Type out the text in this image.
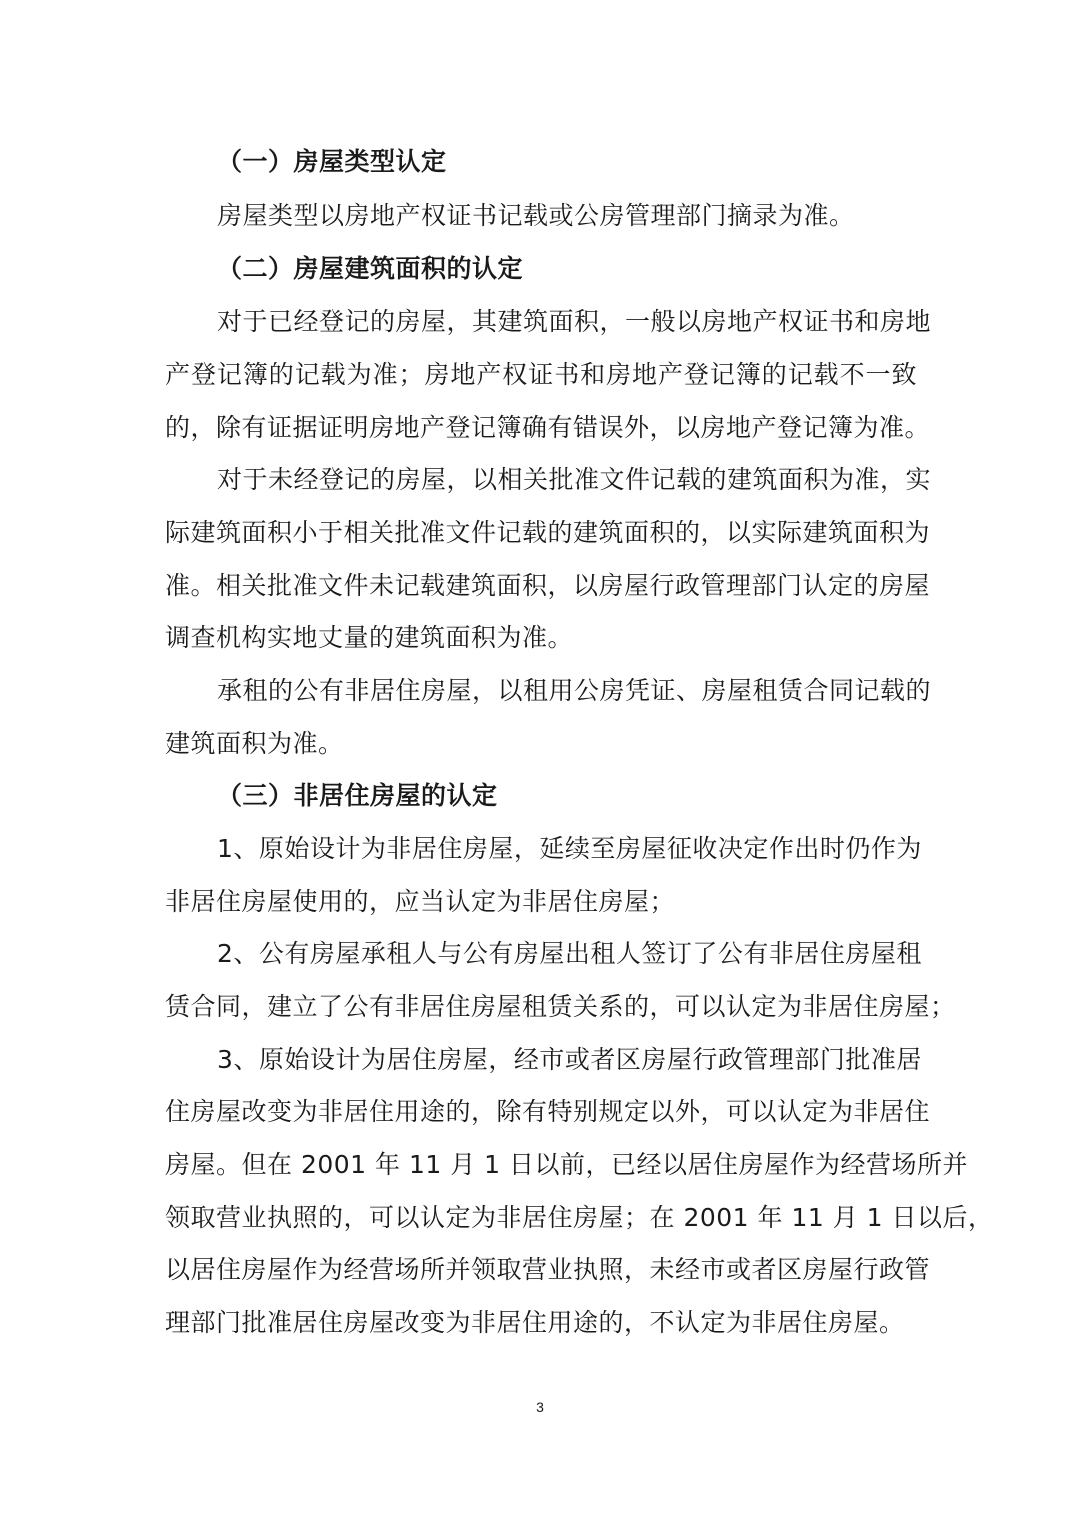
（一）房屋类型认定
房屋类型以房地产权证书记载或公房管理部门摘录为准。
（二）房屋建筑面积的认定
对于已经登记的房屋，其建筑面积，一般以房地产权证书和房地
产登记簿的记载为准；房地产权证书和房地产登记簿的记载不一致
的，除有证据证明房地产登记簿确有错误外，以房地产登记簿为准。
对于未经登记的房屋，以相关批准文件记载的建筑面积为准，实
际建筑面积小于相关批准文件记载的建筑面积的，以实际建筑面积为
准。相关批准文件未记载建筑面积，以房屋行政管理部门认定的房屋
调查机构实地丈量的建筑面积为准。
承租的公有非居住房屋，以租用公房凭证、房屋租赁合同记载的
建筑面积为准。
（三）非居住房屋的认定
1、原始设计为非居住房屋，延续至房屋征收决定作出时仍作为
非居住房屋使用的，应当认定为非居住房屋；
2、公有房屋承租人与公有房屋出租人签订了公有非居住房屋租
赁合同，建立了公有非居住房屋租赁关系的，可以认定为非居住房屋；
3、原始设计为居住房屋，经市或者区房屋行政管理部门批准居
住房屋改变为非居住用途的，除有特别规定以外，可以认定为非居住
房屋。但在 2001 年 11 月 1 日以前，已经以居住房屋作为经营场所并
领取营业执照的，可以认定为非居住房屋；在 2001 年 11 月 1 日以后，
以居住房屋作为经营场所并领取营业执照，未经市或者区房屋行政管
理部门批准居住房屋改变为非居住用途的，不认定为非居住房屋。
3
